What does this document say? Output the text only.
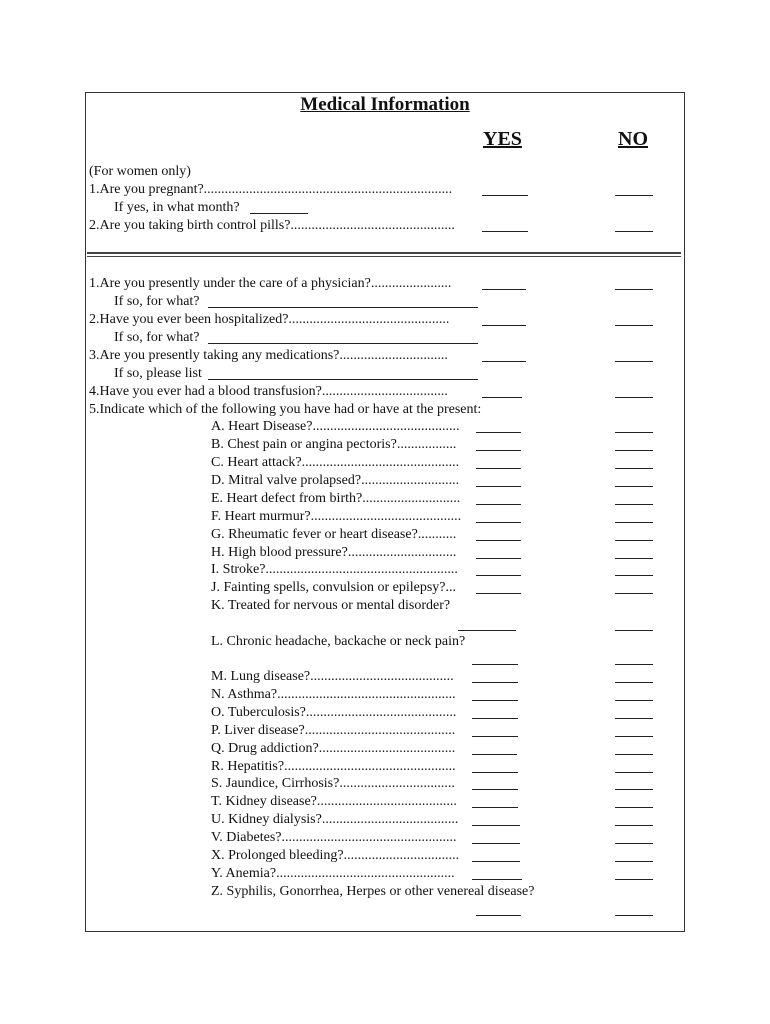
Medical Information
YES	NO
(For women only)
1.Are you pregnant?.......................................................................
If yes, in what month?
2.Are you taking birth control pills?...............................................
1.Are you presently under the care of a physician?.......................
If so, for what?
2.Have you ever been hospitalized?..............................................
If so, for what?
3.Are you presently taking any medications?...............................
If so, please list
4.Have you ever had a blood transfusion?....................................
5.Indicate which of the following you have had or have at the present:
A. Heart Disease?..........................................
B. Chest pain or angina pectoris?.................
C. Heart attack?.............................................
D. Mitral valve prolapsed?............................
E. Heart defect from birth?............................
F. Heart murmur?...........................................
G. Rheumatic fever or heart disease?...........
H. High blood pressure?...............................
I. Stroke?.......................................................
J. Fainting spells, convulsion or epilepsy?...
K. Treated for nervous or mental disorder?
L. Chronic headache, backache or neck pain?
M. Lung disease?.........................................
N. Asthma?...................................................
O. Tuberculosis?...........................................
P. Liver disease?...........................................
Q. Drug addiction?.......................................
R. Hepatitis?.................................................
S. Jaundice, Cirrhosis?.................................
T. Kidney disease?........................................
U. Kidney dialysis?.......................................
V. Diabetes?..................................................
X. Prolonged bleeding?.................................
Y. Anemia?...................................................
Z. Syphilis, Gonorrhea, Herpes or other venereal disease?
